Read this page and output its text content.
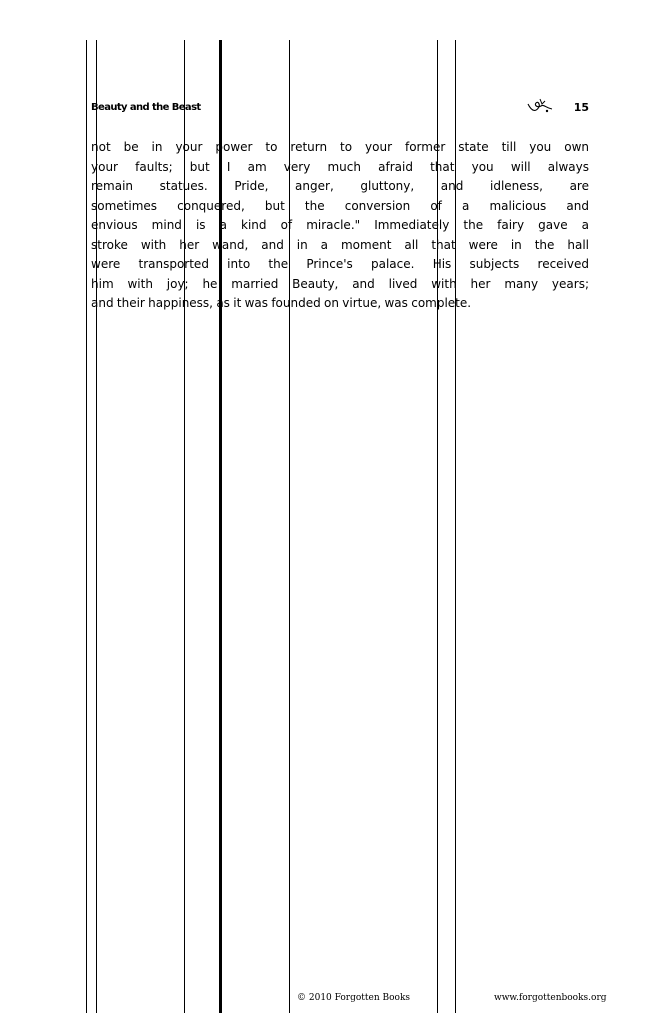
Beauty and the Beast	15
not be in your power to return to your former state till you own
your faults; but I am very much afraid that you will always
remain statues. Pride, anger, gluttony, and idleness, are
sometimes conquered, but the conversion of a malicious and
envious mind is a kind of miracle." Immediately the fairy gave a
stroke with her wand, and in a moment all that were in the hall
were transported into the Prince's palace. His subjects received
him with joy; he married Beauty, and lived with her many years;
and their happiness, as it was founded on virtue, was complete.
© 2010 Forgotten Books	www.forgottenbooks.org
